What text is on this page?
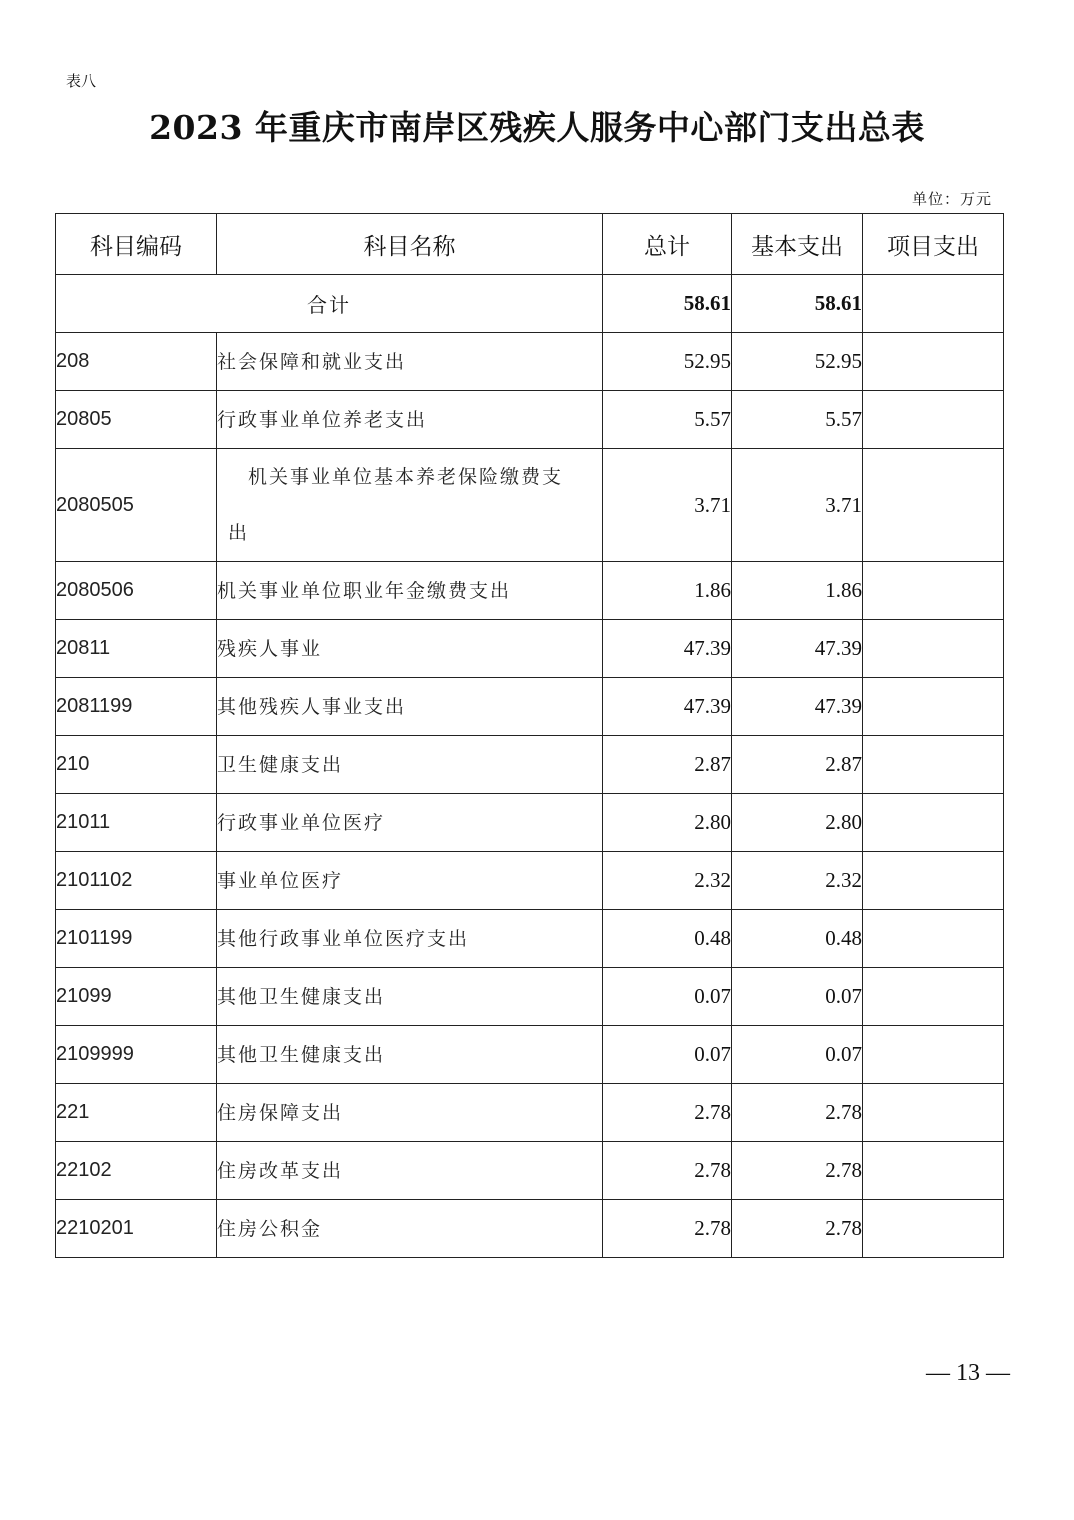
表八
2023 年重庆市南岸区残疾人服务中心部门支出总表
单位：万元
科目编码	科目名称	总计	基本支出	项目支出
合计		58.61	58.61	
208	社会保障和就业支出	52.95	52.95	
20805	行政事业单位养老支出	5.57	5.57	
2080505	机关事业单位基本养老保险缴费支出	3.71	3.71	
2080506	机关事业单位职业年金缴费支出	1.86	1.86	
20811	残疾人事业	47.39	47.39	
2081199	其他残疾人事业支出	47.39	47.39	
210	卫生健康支出	2.87	2.87	
21011	行政事业单位医疗	2.80	2.80	
2101102	事业单位医疗	2.32	2.32	
2101199	其他行政事业单位医疗支出	0.48	0.48	
21099	其他卫生健康支出	0.07	0.07	
2109999	其他卫生健康支出	0.07	0.07	
221	住房保障支出	2.78	2.78	
22102	住房改革支出	2.78	2.78	
2210201	住房公积金	2.78	2.78	
— 13 —
